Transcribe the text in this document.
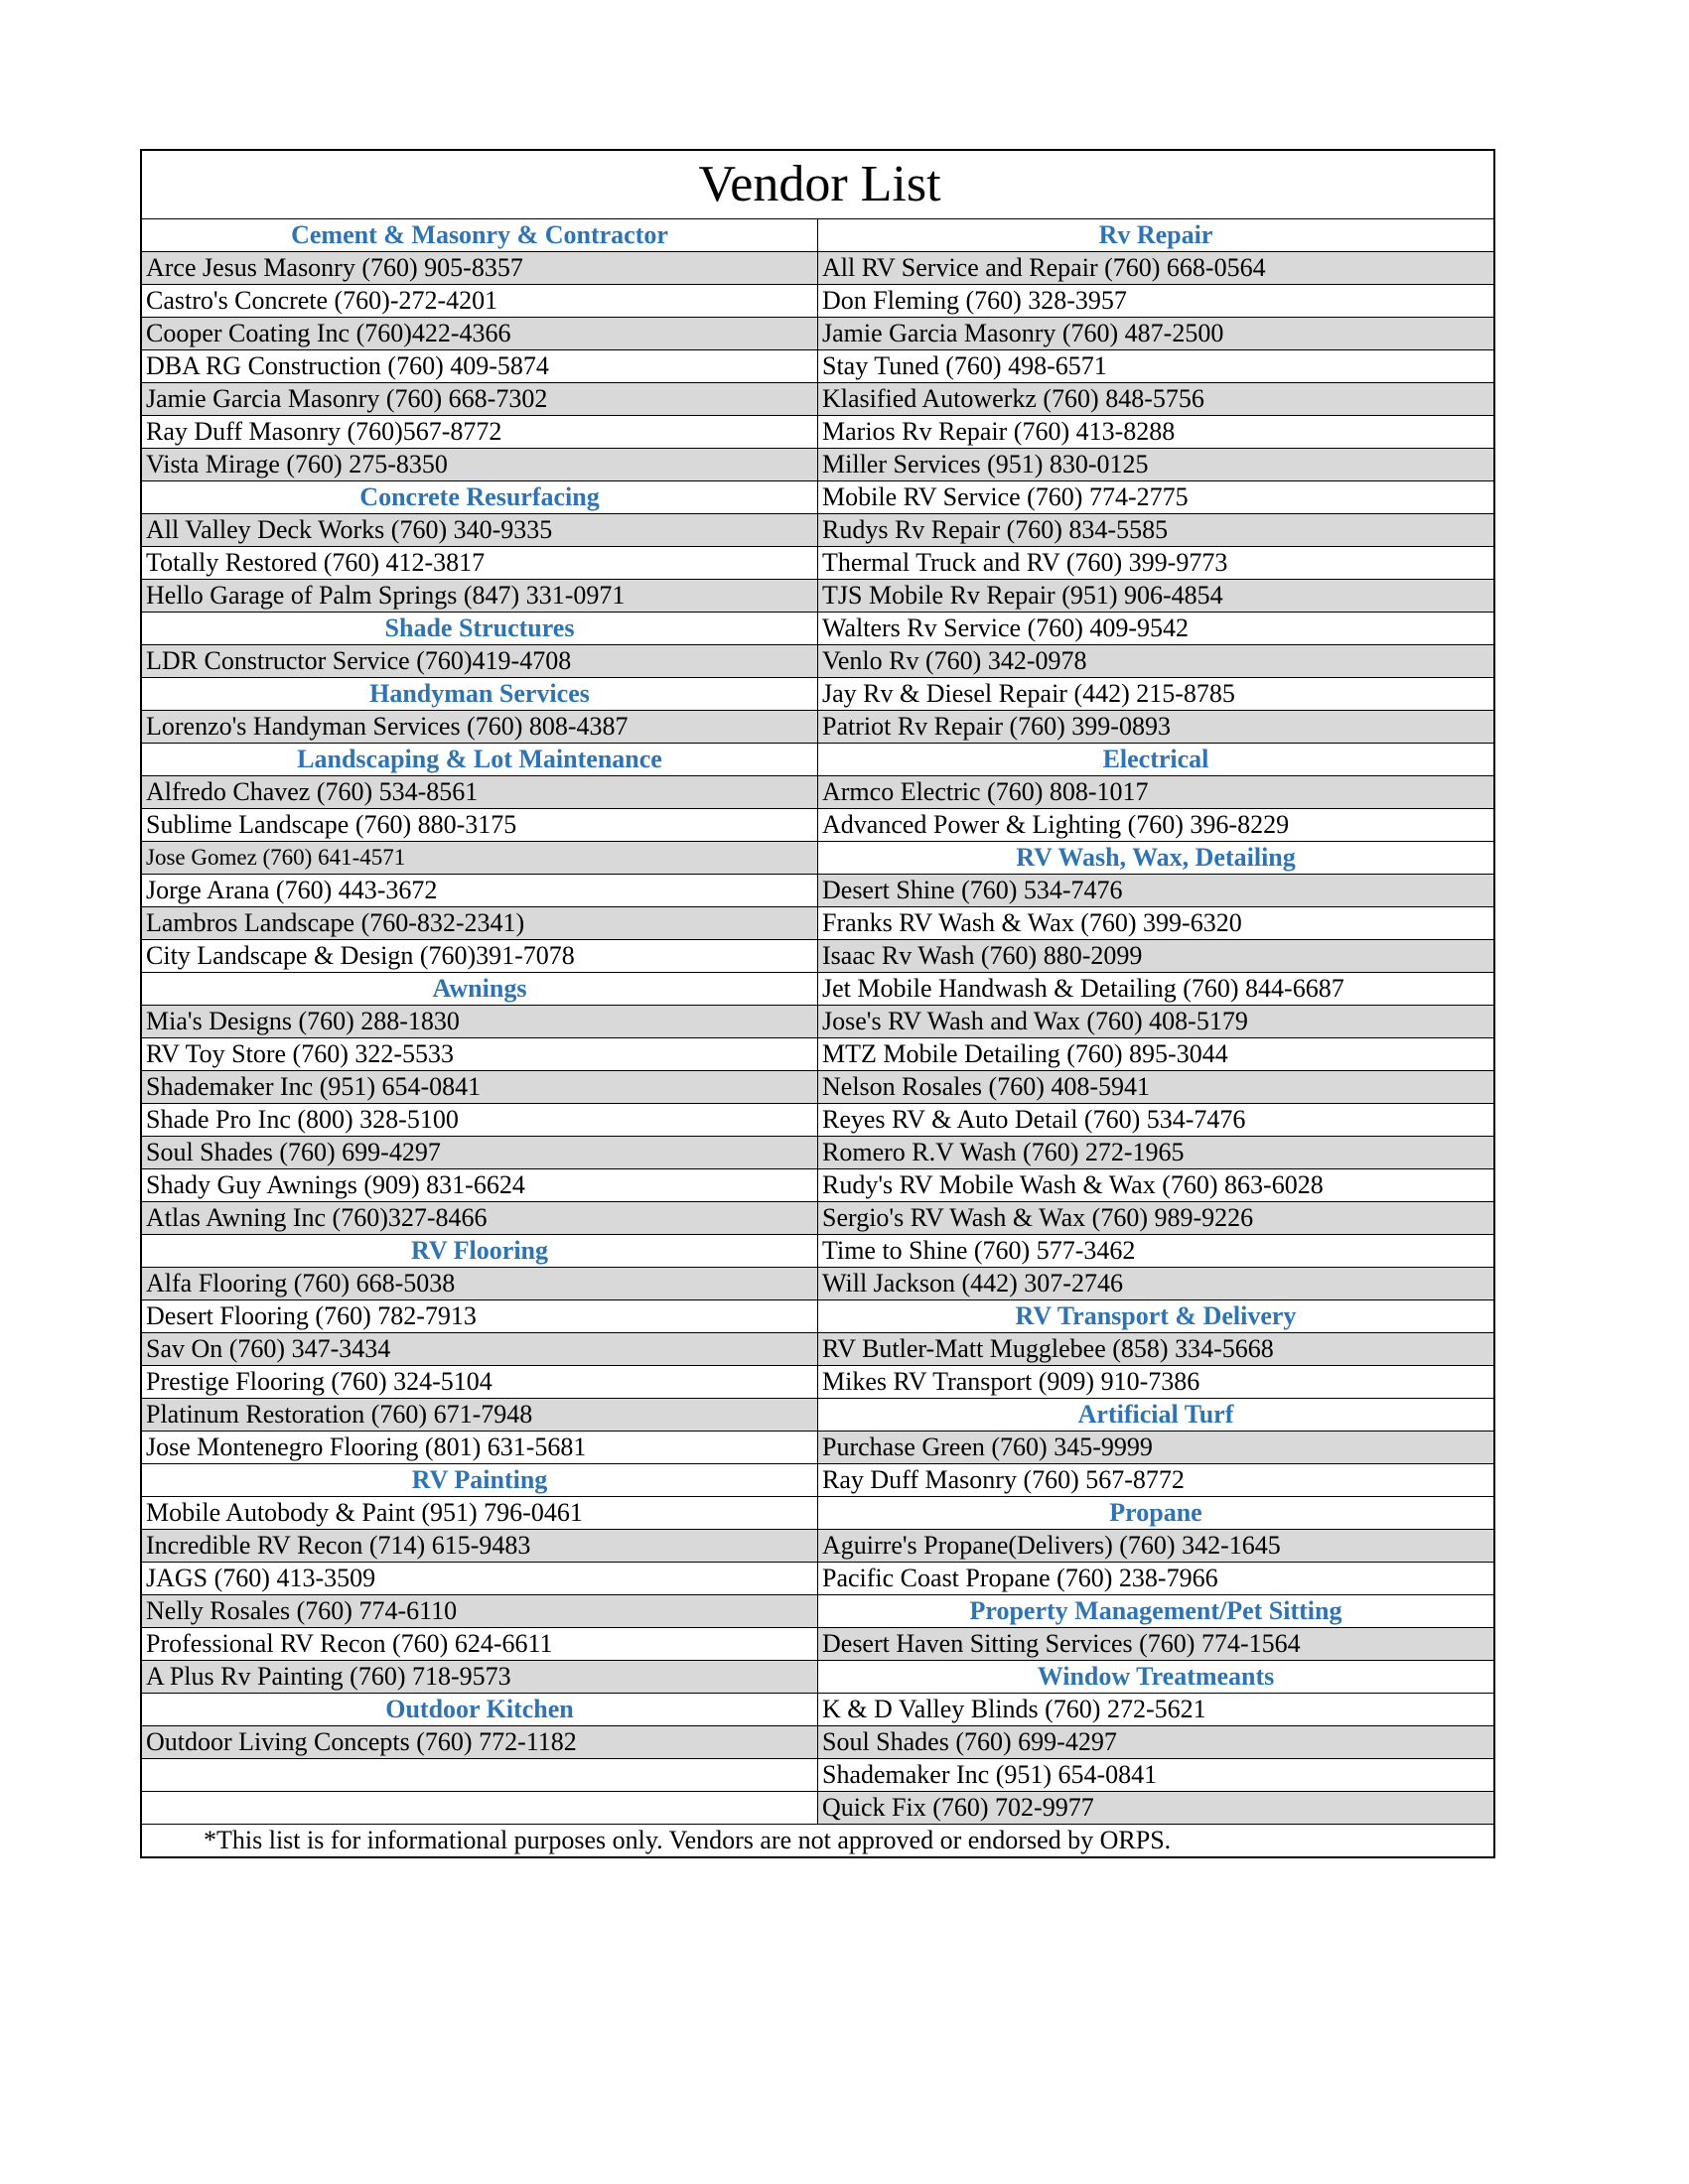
Vendor List	
Cement & Masonry & Contractor	Rv Repair
Arce Jesus Masonry (760) 905-8357	All RV Service and Repair (760) 668-0564
Castro's Concrete (760)-272-4201	Don Fleming (760) 328-3957
Cooper Coating Inc (760)422-4366	Jamie Garcia Masonry (760) 487-2500
DBA RG Construction (760) 409-5874	Stay Tuned (760) 498-6571
Jamie Garcia Masonry (760) 668-7302	Klasified Autowerkz (760) 848-5756
Ray Duff Masonry (760)567-8772	Marios Rv Repair (760) 413-8288
Vista Mirage (760) 275-8350	Miller Services (951) 830-0125
Concrete Resurfacing	Mobile RV Service (760) 774-2775
All Valley Deck Works (760) 340-9335	Rudys Rv Repair (760) 834-5585
Totally Restored (760) 412-3817	Thermal Truck and RV (760) 399-9773
Hello Garage of Palm Springs (847) 331-0971	TJS Mobile Rv Repair (951) 906-4854
Shade Structures	Walters Rv Service (760) 409-9542
LDR Constructor Service (760)419-4708	Venlo Rv (760) 342-0978
Handyman Services	Jay Rv & Diesel Repair (442) 215-8785
Lorenzo's Handyman Services (760) 808-4387	Patriot Rv Repair (760) 399-0893
Landscaping & Lot Maintenance	Electrical
Alfredo Chavez (760) 534-8561	Armco Electric (760) 808-1017
Sublime Landscape (760) 880-3175	Advanced Power & Lighting (760) 396-8229
Jose Gomez (760) 641-4571	RV Wash, Wax, Detailing
Jorge Arana (760) 443-3672	Desert Shine (760) 534-7476
Lambros Landscape (760-832-2341)	Franks RV Wash & Wax (760) 399-6320
City Landscape & Design (760)391-7078	Isaac Rv Wash (760) 880-2099
Awnings	Jet Mobile Handwash & Detailing (760) 844-6687
Mia's Designs (760) 288-1830	Jose's RV Wash and Wax (760) 408-5179
RV Toy Store (760) 322-5533	MTZ Mobile Detailing (760) 895-3044
Shademaker Inc (951) 654-0841	Nelson Rosales (760) 408-5941
Shade Pro Inc (800) 328-5100	Reyes RV & Auto Detail (760) 534-7476
Soul Shades (760) 699-4297	Romero R.V Wash (760) 272-1965
Shady Guy Awnings (909) 831-6624	Rudy's RV Mobile Wash & Wax (760) 863-6028
Atlas Awning Inc (760)327-8466	Sergio's RV Wash & Wax (760) 989-9226
RV Flooring	Time to Shine (760) 577-3462
Alfa Flooring (760) 668-5038	Will Jackson (442) 307-2746
Desert Flooring (760) 782-7913	RV Transport & Delivery
Sav On (760) 347-3434	RV Butler-Matt Mugglebee (858) 334-5668
Prestige Flooring (760) 324-5104	Mikes RV Transport (909) 910-7386
Platinum Restoration (760) 671-7948	Artificial Turf
Jose Montenegro Flooring (801) 631-5681	Purchase Green (760) 345-9999
RV Painting	Ray Duff Masonry (760) 567-8772
Mobile Autobody & Paint (951) 796-0461	Propane
Incredible RV Recon (714) 615-9483	Aguirre's Propane(Delivers) (760) 342-1645
JAGS (760) 413-3509	Pacific Coast Propane (760) 238-7966
Nelly Rosales (760) 774-6110	Property Management/Pet Sitting
Professional RV Recon (760) 624-6611	Desert Haven Sitting Services (760) 774-1564
A Plus Rv Painting (760) 718-9573	Window Treatmeants
Outdoor Kitchen	K & D Valley Blinds (760) 272-5621
Outdoor Living Concepts (760) 772-1182	Soul Shades (760) 699-4297
	Shademaker Inc (951) 654-0841
	Quick Fix (760) 702-9977
*This list is for informational purposes only. Vendors are not approved or endorsed by ORPS.	
